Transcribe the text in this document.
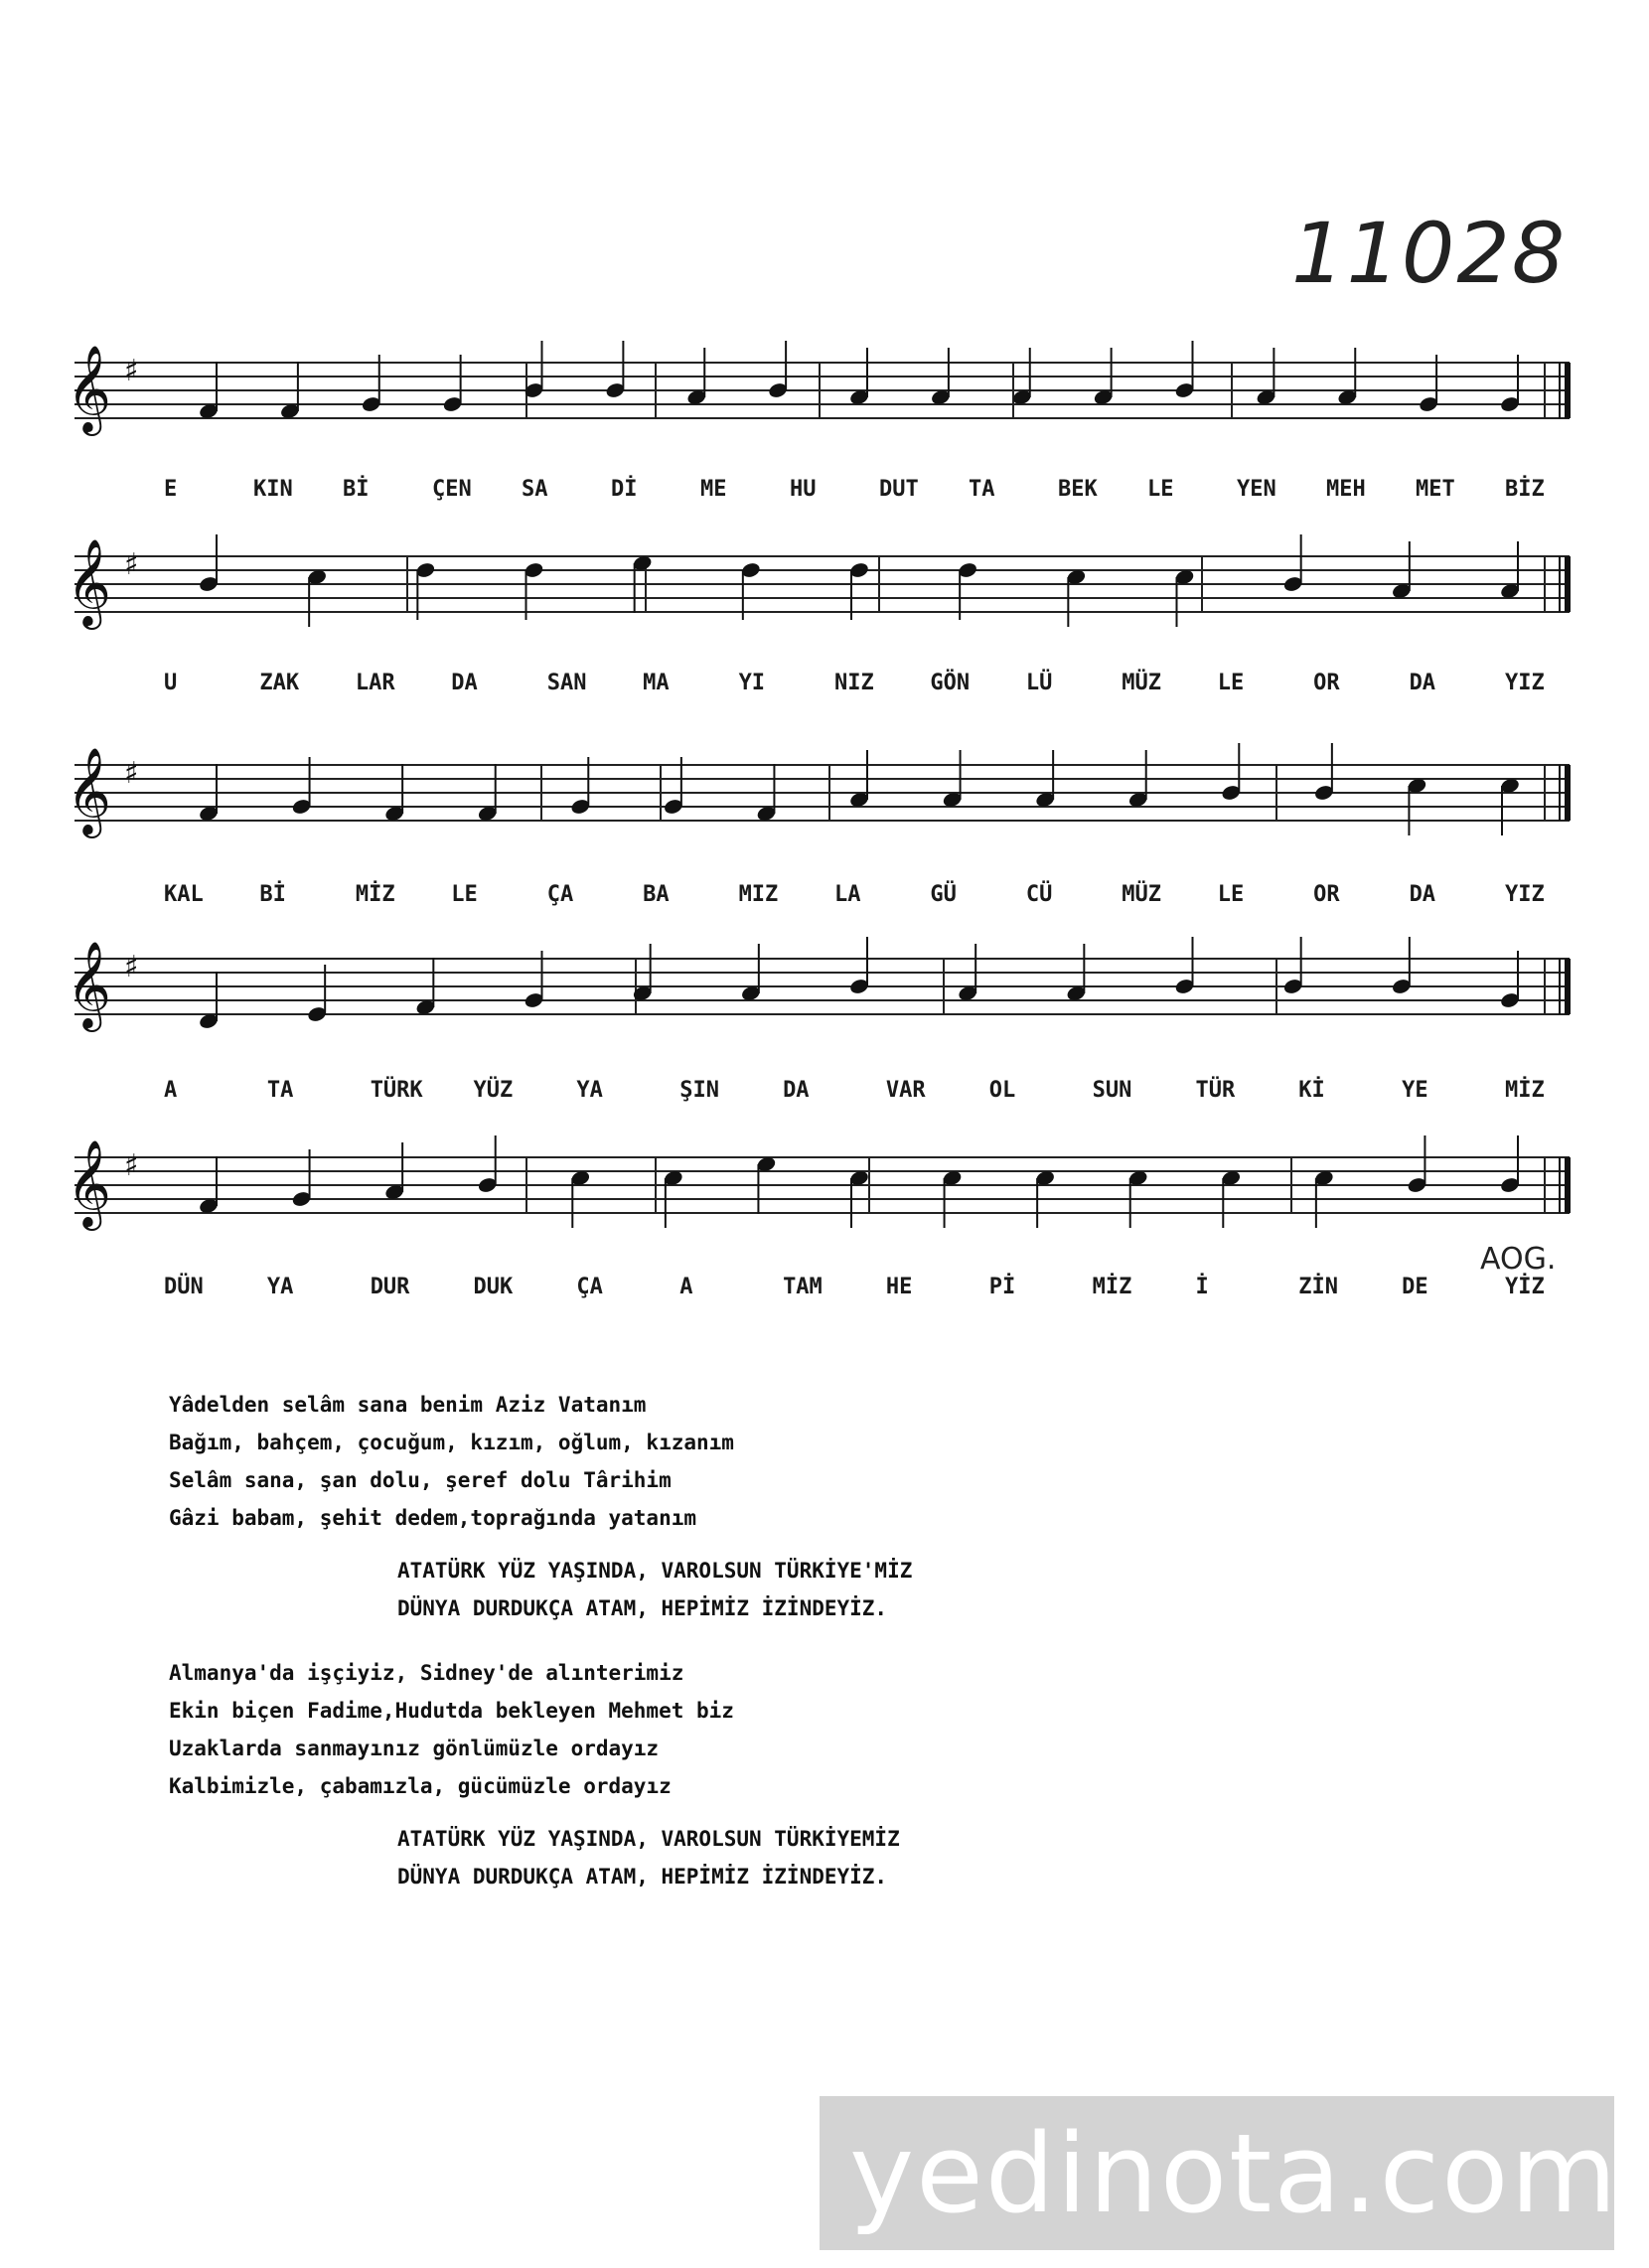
11028
𝄞 ♯
𝄞 ♯
𝄞 ♯
𝄞 ♯
𝄞 ♯
E	KIN Bİ	ÇEN SA	Dİ	ME	HU	DUT TA	BEK LE	YEN MEH MET BİZ
U	ZAK	LAR	DA	SAN	MA	YI	NIZ	GÖN	LÜ	MÜZ	LE	OR	DA	YIZ
KAL	Bİ	MİZ	LE	ÇA	BA	MIZ	LA	GÜ	CÜ	MÜZ	LE	OR	DA	YIZ
A	TA	TÜRK YÜZ	YA	ŞIN	DA	VAR	OL	SUN	TÜR	Kİ	YE	MİZ
DÜN	YA	DUR	DUK	ÇA	A	TAM	HE	Pİ	MİZ	İ	ZİN	DE	YİZ
AOG.
Yâdelden selâm sana benim Aziz Vatanım
Bağım, bahçem, çocuğum, kızım, oğlum, kızanım
Selâm sana, şan dolu, şeref dolu Târihim
Gâzi babam, şehit dedem,toprağında yatanım
ATATÜRK YÜZ YAŞINDA, VAROLSUN TÜRKİYE'MİZ
DÜNYA DURDUKÇA ATAM, HEPİMİZ İZİNDEYİZ.
Almanya'da işçiyiz, Sidney'de alınterimiz
Ekin biçen Fadime,Hudutda bekleyen Mehmet biz
Uzaklarda sanmayınız gönlümüzle ordayız
Kalbimizle, çabamızla, gücümüzle ordayız
ATATÜRK YÜZ YAŞINDA, VAROLSUN TÜRKİYEMİZ
DÜNYA DURDUKÇA ATAM, HEPİMİZ İZİNDEYİZ.
yedinota.com
